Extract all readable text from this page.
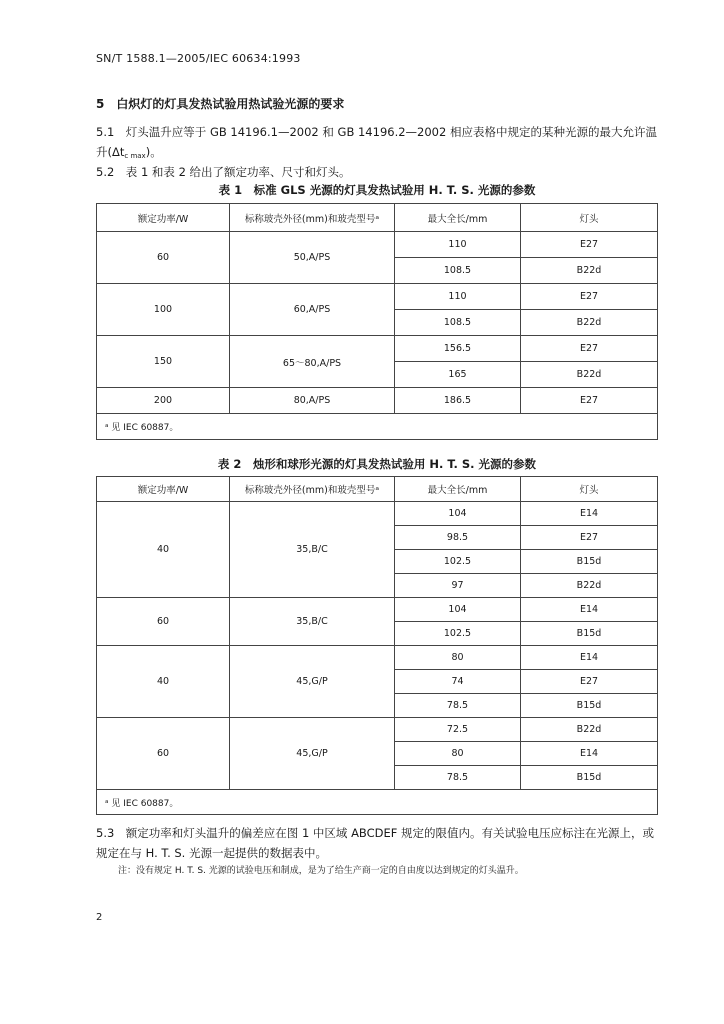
SN/T 1588.1—2005/IEC 60634:1993
5　白炽灯的灯具发热试验用热试验光源的要求
5.1　灯头温升应等于 GB 14196.1—2002 和 GB 14196.2—2002 相应表格中规定的某种光源的最大允许温升$(\Delta t_{c max})$。
5.2　表 1 和表 2 给出了额定功率、尺寸和灯头。
表 1　标准 GLS 光源的灯具发热试验用 H. T. S. 光源的参数
额定功率/W	标称玻壳外径(mm)和玻壳型号ᵃ	最大全长/mm	灯头
60	50,A/PS	110	E27
		108.5	B22d
100	60,A/PS	110	E27
		108.5	B22d
150	65～80,A/PS	156.5	E27
		165	B22d
200	80,A/PS	186.5	E27
ᵃ 见 IEC 60887。			
表 2　烛形和球形光源的灯具发热试验用 H. T. S. 光源的参数
额定功率/W	标称玻壳外径(mm)和玻壳型号ᵃ	最大全长/mm	灯头
40	35,B/C	104	E14
		98.5	E27
		102.5	B15d
		97	B22d
60	35,B/C	104	E14
		102.5	B15d
40	45,G/P	80	E14
		74	E27
		78.5	B15d
60	45,G/P	72.5	B22d
		80	E14
		78.5	B15d
ᵃ 见 IEC 60887。			
5.3　额定功率和灯头温升的偏差应在图 1 中区域 ABCDEF 规定的限值内。有关试验电压应标注在光源上，或规定在与 H. T. S. 光源一起提供的数据表中。
注：没有规定 H. T. S. 光源的试验电压和制成，是为了给生产商一定的自由度以达到规定的灯头温升。
2
